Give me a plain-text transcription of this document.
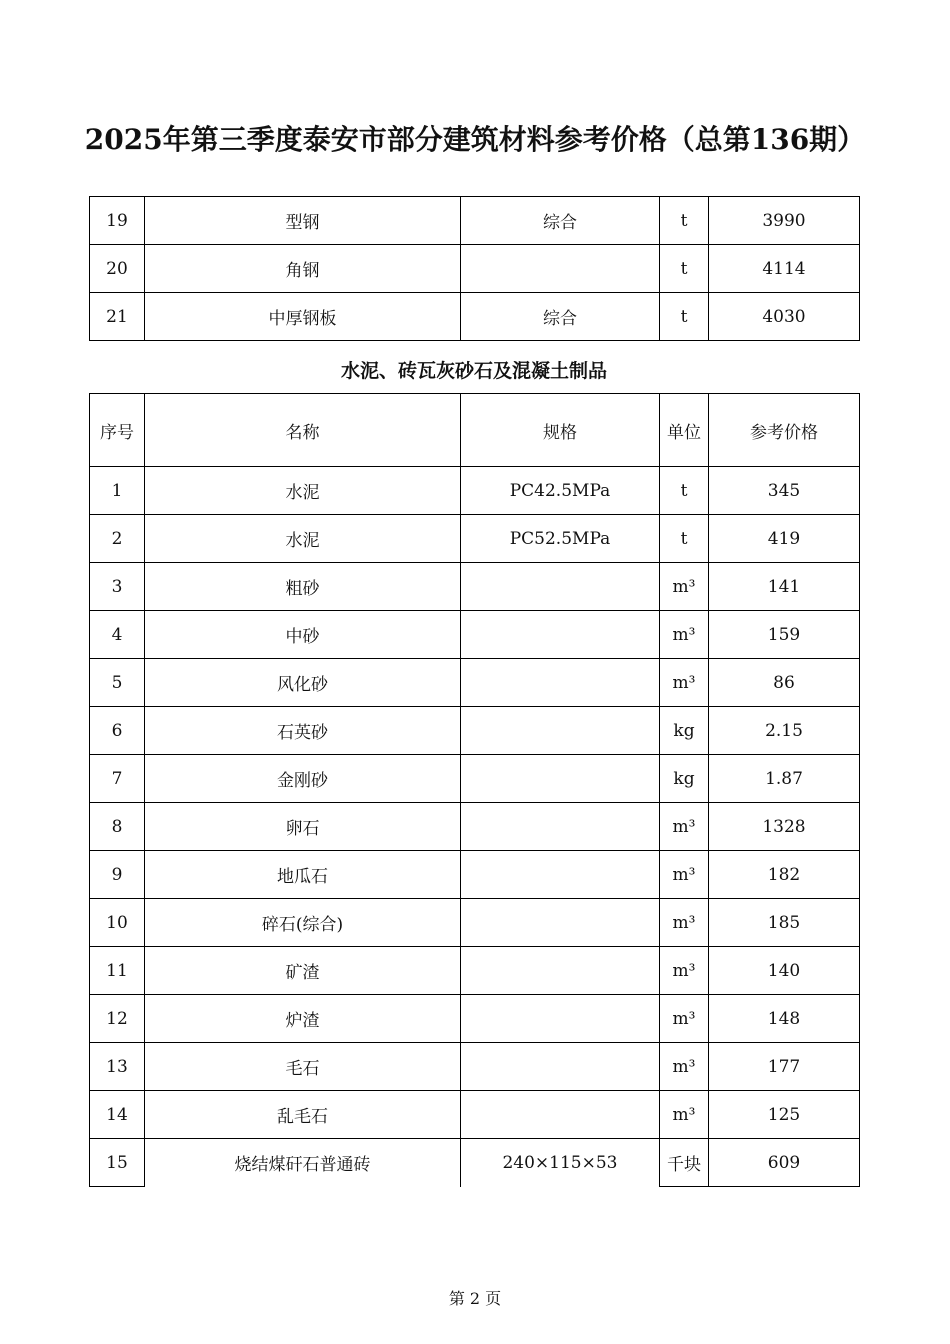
2025年第三季度泰安市部分建筑材料参考价格（总第136期）
19	型钢	综合	t	3990
20	角钢		t	4114
21	中厚钢板	综合	t	4030
水泥、砖瓦灰砂石及混凝土制品
序号	名称	规格	单位	参考价格
1	水泥	PC42.5MPa	t	345
2	水泥	PC52.5MPa	t	419
3	粗砂		m³	141
4	中砂		m³	159
5	风化砂		m³	86
6	石英砂		kg	2.15
7	金刚砂		kg	1.87
8	卵石		m³	1328
9	地瓜石		m³	182
10	碎石(综合)		m³	185
11	矿渣		m³	140
12	炉渣		m³	148
13	毛石		m³	177
14	乱毛石		m³	125
15	烧结煤矸石普通砖	240×115×53	千块	609
第 2 页
